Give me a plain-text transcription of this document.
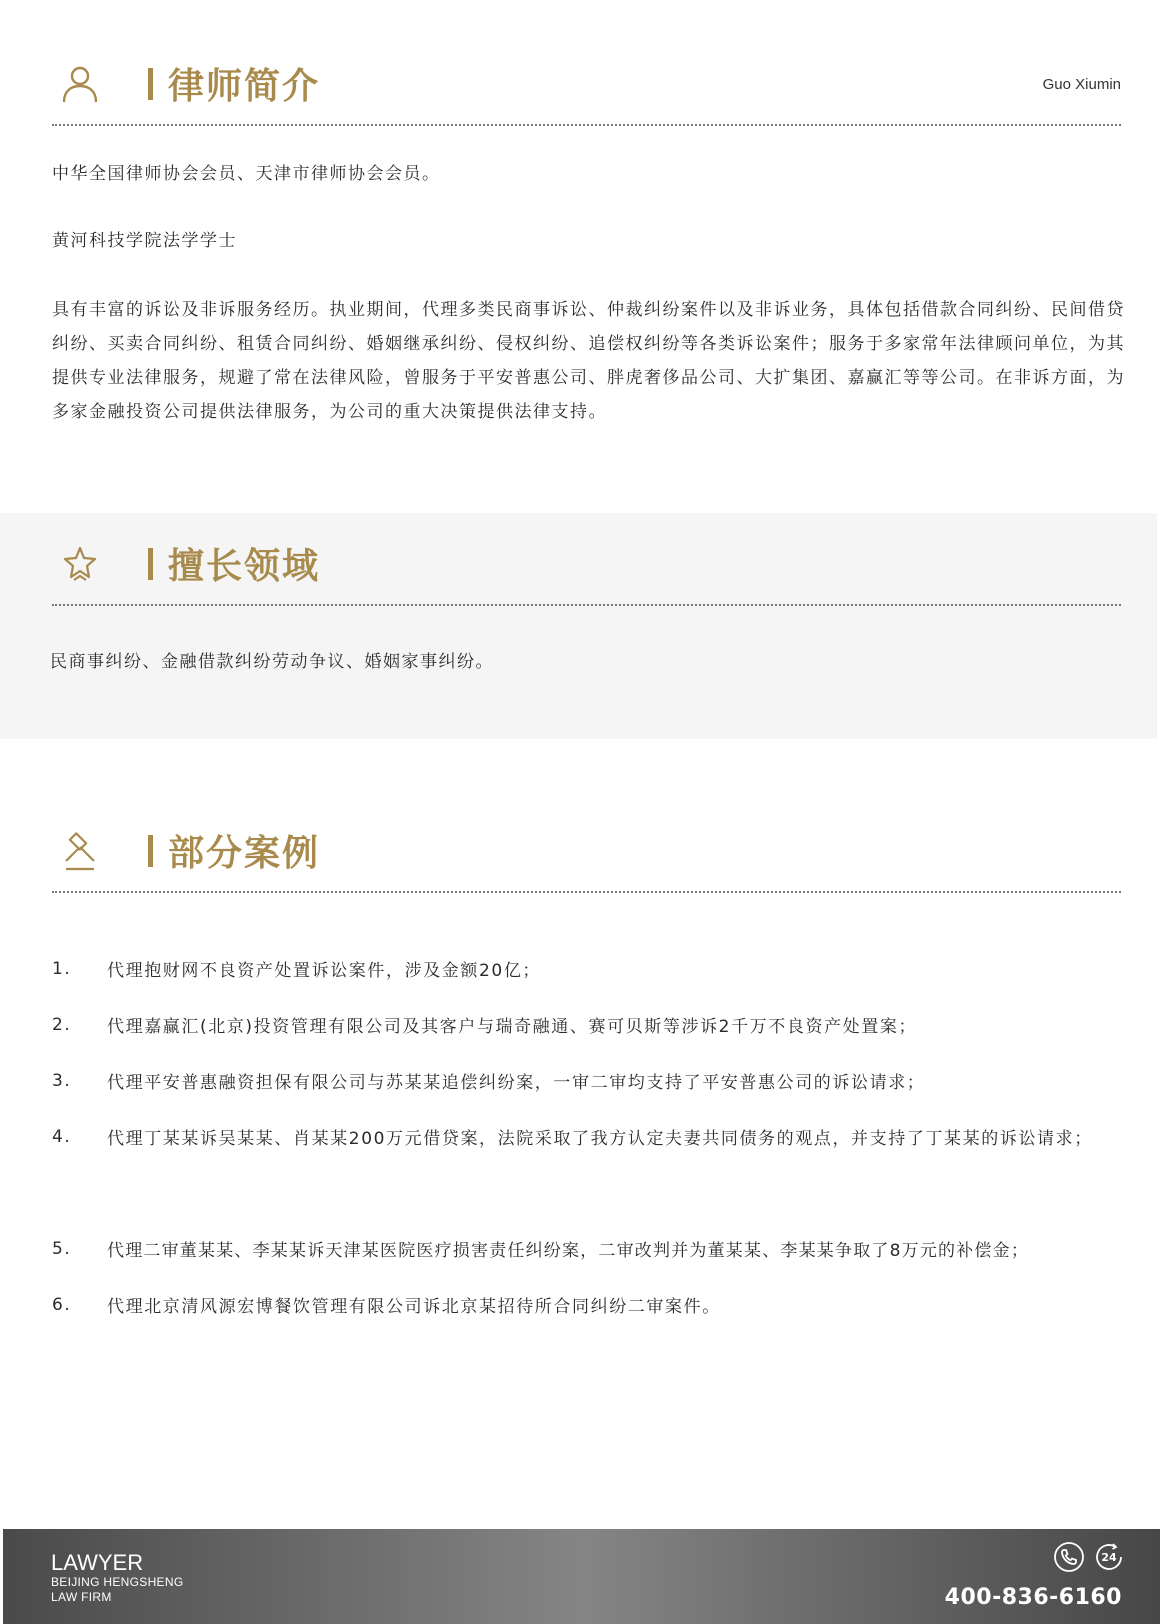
律师简介	Guo Xiumin

中华全国律师协会会员、天津市律师协会会员。

黄河科技学院法学学士

具有丰富的诉讼及非诉服务经历。执业期间，代理多类民商事诉讼、仲裁纠纷案件以及非诉业务，具体包括借款合同纠纷、民间借贷纠纷、买卖合同纠纷、租赁合同纠纷、婚姻继承纠纷、侵权纠纷、追偿权纠纷等各类诉讼案件；服务于多家常年法律顾问单位，为其提供专业法律服务，规避了常在法律风险，曾服务于平安普惠公司、胖虎奢侈品公司、大扩集团、嘉赢汇等等公司。在非诉方面，为多家金融投资公司提供法律服务，为公司的重大决策提供法律支持。

擅长领域

民商事纠纷、金融借款纠纷劳动争议、婚姻家事纠纷。

部分案例
1.	代理抱财网不良资产处置诉讼案件，涉及金额20亿；
2.	代理嘉赢汇(北京)投资管理有限公司及其客户与瑞奇融通、赛可贝斯等涉诉2千万不良资产处置案；
3.	代理平安普惠融资担保有限公司与苏某某追偿纠纷案，一审二审均支持了平安普惠公司的诉讼请求；
4.	代理丁某某诉吴某某、肖某某200万元借贷案，法院采取了我方认定夫妻共同债务的观点，并支持了丁某某的诉讼请求；
5.	代理二审董某某、李某某诉天津某医院医疗损害责任纠纷案，二审改判并为董某某、李某某争取了8万元的补偿金；
6.	代理北京清风源宏博餐饮管理有限公司诉北京某招待所合同纠纷二审案件。
LAWYER
BEIJING HENGSHENG
LAW FIRM
24
400-836-6160
